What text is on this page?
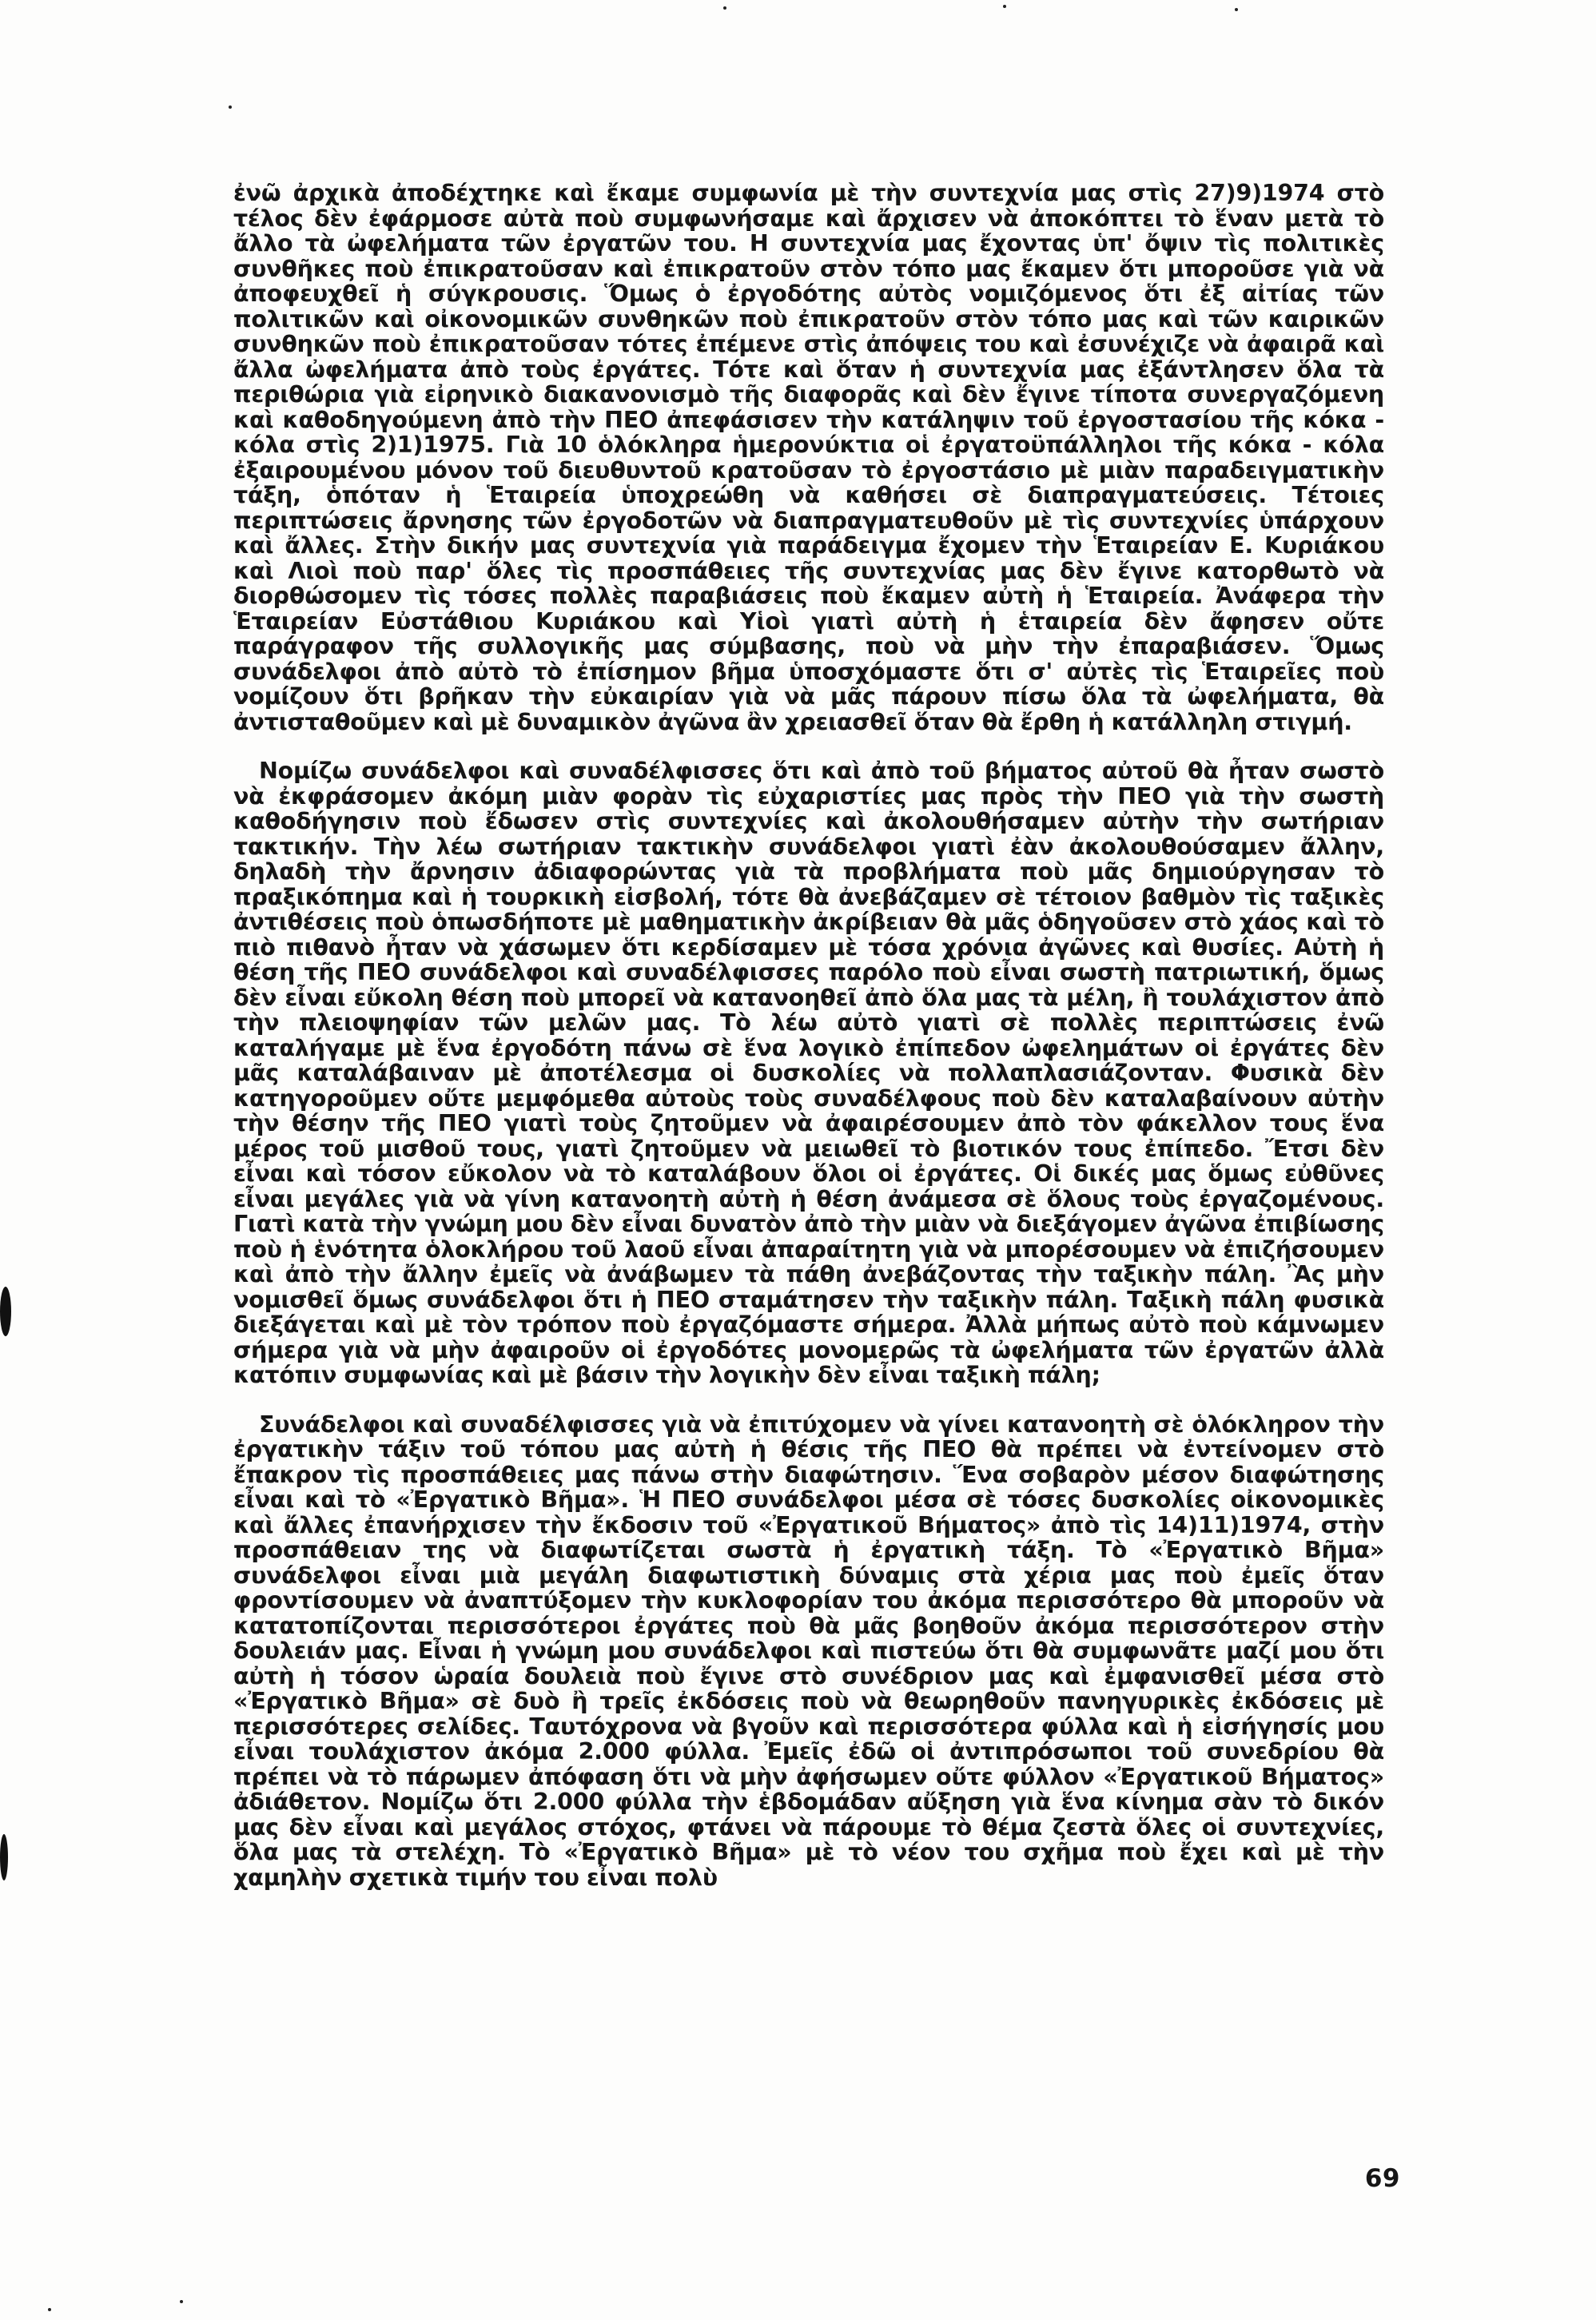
ἐνῶ ἀρχικὰ ἀποδέχτηκε καὶ ἔκαμε συμφωνία μὲ τὴν συντεχνία μας στὶς 27)9)1974 στὸ τέλος δὲν ἐφάρμοσε αὐτὰ ποὺ συμφωνήσαμε καὶ ἄρχισεν νὰ ἀποκόπτει τὸ ἕναν μετὰ τὸ ἄλλο τὰ ὠφελήματα τῶν ἐργατῶν του. Η συντεχνία μας ἔχοντας ὑπ' ὄψιν τὶς πολιτικὲς συνθῆκες ποὺ ἐπικρατοῦσαν καὶ ἐπικρατοῦν στὸν τόπο μας ἔκαμεν ὅτι μποροῦσε γιὰ νὰ ἀποφευχθεῖ ἡ σύγκρουσις. Ὅμως ὁ ἐργοδότης αὐτὸς νομιζόμενος ὅτι ἐξ αἰτίας τῶν πολιτικῶν καὶ οἰκονομικῶν συνθηκῶν ποὺ ἐπικρατοῦν στὸν τόπο μας καὶ τῶν καιρικῶν συνθηκῶν ποὺ ἐπικρατοῦσαν τότες ἐπέμενε στὶς ἀπόψεις του καὶ ἐσυνέχιζε νὰ ἀφαιρᾶ καὶ ἄλλα ὠφελήματα ἀπὸ τοὺς ἐργάτες. Τότε καὶ ὅταν ἡ συντεχνία μας ἐξάντλησεν ὅλα τὰ περιθώρια γιὰ εἰρηνικὸ διακανονισμὸ τῆς διαφορᾶς καὶ δὲν ἔγινε τίποτα συνεργαζόμενη καὶ καθοδηγούμενη ἀπὸ τὴν ΠΕΟ ἀπεφάσισεν τὴν κατάληψιν τοῦ ἐργοστασίου τῆς κόκα - κόλα στὶς 2)1)1975. Γιὰ 10 ὁλόκληρα ἡμερονύκτια οἱ ἐργατοϋπάλληλοι τῆς κόκα - κόλα ἐξαιρουμένου μόνον τοῦ διευθυντοῦ κρατοῦσαν τὸ ἐργοστάσιο μὲ μιὰν παραδειγματικὴν τάξη, ὁπόταν ἡ Ἑταιρεία ὑποχρεώθη νὰ καθήσει σὲ διαπραγματεύσεις. Τέτοιες περιπτώσεις ἄρνησης τῶν ἐργοδοτῶν νὰ διαπραγματευθοῦν μὲ τὶς συντεχνίες ὑπάρχουν καὶ ἄλλες. Στὴν δικήν μας συντεχνία γιὰ παράδειγμα ἔχομεν τὴν Ἑταιρείαν Ε. Κυριάκου καὶ Λιοὶ ποὺ παρ' ὅλες τὶς προσπάθειες τῆς συντεχνίας μας δὲν ἔγινε κατορθωτὸ νὰ διορθώσομεν τὶς τόσες πολλὲς παραβιάσεις ποὺ ἔκαμεν αὐτὴ ἡ Ἑταιρεία. Ἀνάφερα τὴν Ἑταιρείαν Εὐστάθιου Κυριάκου καὶ Υἱοὶ γιατὶ αὐτὴ ἡ ἑταιρεία δὲν ἄφησεν οὔτε παράγραφον τῆς συλλογικῆς μας σύμβασης, ποὺ νὰ μὴν τὴν ἐπαραβιάσεν. Ὅμως συνάδελφοι ἀπὸ αὐτὸ τὸ ἐπίσημον βῆμα ὑποσχόμαστε ὅτι σ' αὐτὲς τὶς Ἑταιρεῖες ποὺ νομίζουν ὅτι βρῆκαν τὴν εὐκαιρίαν γιὰ νὰ μᾶς πάρουν πίσω ὅλα τὰ ὠφελήματα, θὰ ἀντισταθοῦμεν καὶ μὲ δυναμικὸν ἀγῶνα ἂν χρειασθεῖ ὅταν θὰ ἔρθη ἡ κατάλληλη στιγμή.

Νομίζω συνάδελφοι καὶ συναδέλφισσες ὅτι καὶ ἀπὸ τοῦ βήματος αὐτοῦ θὰ ἦταν σωστὸ νὰ ἐκφράσομεν ἀκόμη μιὰν φορὰν τὶς εὐχαριστίες μας πρὸς τὴν ΠΕΟ γιὰ τὴν σωστὴ καθοδήγησιν ποὺ ἔδωσεν στὶς συντεχνίες καὶ ἀκολουθήσαμεν αὐτὴν τὴν σωτήριαν τακτικήν. Τὴν λέω σωτήριαν τακτικὴν συνάδελφοι γιατὶ ἐὰν ἀκολουθούσαμεν ἄλλην, δηλαδὴ τὴν ἄρνησιν ἀδιαφορώντας γιὰ τὰ προβλήματα ποὺ μᾶς δημιούργησαν τὸ πραξικόπημα καὶ ἡ τουρκικὴ εἰσβολή, τότε θὰ ἀνεβάζαμεν σὲ τέτοιον βαθμὸν τὶς ταξικὲς ἀντιθέσεις ποὺ ὁπωσδήποτε μὲ μαθηματικὴν ἀκρίβειαν θὰ μᾶς ὁδηγοῦσεν στὸ χάος καὶ τὸ πιὸ πιθανὸ ἦταν νὰ χάσωμεν ὅτι κερδίσαμεν μὲ τόσα χρόνια ἀγῶνες καὶ θυσίες. Αὐτὴ ἡ θέση τῆς ΠΕΟ συνάδελφοι καὶ συναδέλφισσες παρόλο ποὺ εἶναι σωστὴ πατριωτική, ὅμως δὲν εἶναι εὔκολη θέση ποὺ μπορεῖ νὰ κατανοηθεῖ ἀπὸ ὅλα μας τὰ μέλη, ἢ τουλάχιστον ἀπὸ τὴν πλειοψηφίαν τῶν μελῶν μας. Τὸ λέω αὐτὸ γιατὶ σὲ πολλὲς περιπτώσεις ἐνῶ καταλήγαμε μὲ ἕνα ἐργοδότη πάνω σὲ ἕνα λογικὸ ἐπίπεδον ὠφελημάτων οἱ ἐργάτες δὲν μᾶς καταλάβαιναν μὲ ἀποτέλεσμα οἱ δυσκολίες νὰ πολλαπλασιάζονταν. Φυσικὰ δὲν κατηγοροῦμεν οὔτε μεμφόμεθα αὐτοὺς τοὺς συναδέλφους ποὺ δὲν καταλαβαίνουν αὐτὴν τὴν θέσην τῆς ΠΕΟ γιατὶ τοὺς ζητοῦμεν νὰ ἀφαιρέσουμεν ἀπὸ τὸν φάκελλον τους ἕνα μέρος τοῦ μισθοῦ τους, γιατὶ ζητοῦμεν νὰ μειωθεῖ τὸ βιοτικόν τους ἐπίπεδο. Ἔτσι δὲν εἶναι καὶ τόσον εὔκολον νὰ τὸ καταλάβουν ὅλοι οἱ ἐργάτες. Οἱ δικές μας ὅμως εὐθῦνες εἶναι μεγάλες γιὰ νὰ γίνη κατανοητὴ αὐτὴ ἡ θέση ἀνάμεσα σὲ ὅλους τοὺς ἐργαζομένους. Γιατὶ κατὰ τὴν γνώμη μου δὲν εἶναι δυνατὸν ἀπὸ τὴν μιὰν νὰ διεξάγομεν ἀγῶνα ἐπιβίωσης ποὺ ἡ ἑνότητα ὁλοκλήρου τοῦ λαοῦ εἶναι ἀπαραίτητη γιὰ νὰ μπορέσουμεν νὰ ἐπιζήσουμεν καὶ ἀπὸ τὴν ἄλλην ἐμεῖς νὰ ἀνάβωμεν τὰ πάθη ἀνεβάζοντας τὴν ταξικὴν πάλη. Ἂς μὴν νομισθεῖ ὅμως συνάδελφοι ὅτι ἡ ΠΕΟ σταμάτησεν τὴν ταξικὴν πάλη. Ταξικὴ πάλη φυσικὰ διεξάγεται καὶ μὲ τὸν τρόπον ποὺ ἐργαζόμαστε σήμερα. Ἀλλὰ μήπως αὐτὸ ποὺ κάμνωμεν σήμερα γιὰ νὰ μὴν ἀφαιροῦν οἱ ἐργοδότες μονομερῶς τὰ ὠφελήματα τῶν ἐργατῶν ἀλλὰ κατόπιν συμφωνίας καὶ μὲ βάσιν τὴν λογικὴν δὲν εἶναι ταξικὴ πάλη;

Συνάδελφοι καὶ συναδέλφισσες γιὰ νὰ ἐπιτύχομεν νὰ γίνει κατανοητὴ σὲ ὁλόκληρον τὴν ἐργατικὴν τάξιν τοῦ τόπου μας αὐτὴ ἡ θέσις τῆς ΠΕΟ θὰ πρέπει νὰ ἐντείνομεν στὸ ἔπακρον τὶς προσπάθειες μας πάνω στὴν διαφώτησιν. Ἕνα σοβαρὸν μέσον διαφώτησης εἶναι καὶ τὸ «Ἐργατικὸ Βῆμα». Ἡ ΠΕΟ συνάδελφοι μέσα σὲ τόσες δυσκολίες οἰκονομικὲς καὶ ἄλλες ἐπανήρχισεν τὴν ἔκδοσιν τοῦ «Ἐργατικοῦ Βήματος» ἀπὸ τὶς 14)11)1974, στὴν προσπάθειαν της νὰ διαφωτίζεται σωστὰ ἡ ἐργατικὴ τάξη. Τὸ «Ἐργατικὸ Βῆμα» συνάδελφοι εἶναι μιὰ μεγάλη διαφωτιστικὴ δύναμις στὰ χέρια μας ποὺ ἐμεῖς ὅταν φροντίσουμεν νὰ ἀναπτύξομεν τὴν κυκλοφορίαν του ἀκόμα περισσότερο θὰ μποροῦν νὰ κατατοπίζονται περισσότεροι ἐργάτες ποὺ θὰ μᾶς βοηθοῦν ἀκόμα περισσότερον στὴν δουλειάν μας. Εἶναι ἡ γνώμη μου συνάδελφοι καὶ πιστεύω ὅτι θὰ συμφωνᾶτε μαζί μου ὅτι αὐτὴ ἡ τόσον ὡραία δουλειὰ ποὺ ἔγινε στὸ συνέδριον μας καὶ ἐμφανισθεῖ μέσα στὸ «Ἐργατικὸ Βῆμα» σὲ δυὸ ἢ τρεῖς ἐκδόσεις ποὺ νὰ θεωρηθοῦν πανηγυρικὲς ἐκδόσεις μὲ περισσότερες σελίδες. Ταυτόχρονα νὰ βγοῦν καὶ περισσότερα φύλλα καὶ ἡ εἰσήγησίς μου εἶναι τουλάχιστον ἀκόμα 2.000 φύλλα. Ἐμεῖς ἐδῶ οἱ ἀντιπρόσωποι τοῦ συνεδρίου θὰ πρέπει νὰ τὸ πάρωμεν ἀπόφαση ὅτι νὰ μὴν ἀφήσωμεν οὔτε φύλλον «Ἐργατικοῦ Βήματος» ἀδιάθετον. Νομίζω ὅτι 2.000 φύλλα τὴν ἑβδομάδαν αὔξηση γιὰ ἕνα κίνημα σὰν τὸ δικόν μας δὲν εἶναι καὶ μεγάλος στόχος, φτάνει νὰ πάρουμε τὸ θέμα ζεστὰ ὅλες οἱ συντεχνίες, ὅλα μας τὰ στελέχη. Τὸ «Ἐργατικὸ Βῆμα» μὲ τὸ νέον του σχῆμα ποὺ ἔχει καὶ μὲ τὴν χαμηλὴν σχετικὰ τιμήν του εἶναι πολὺ

69
